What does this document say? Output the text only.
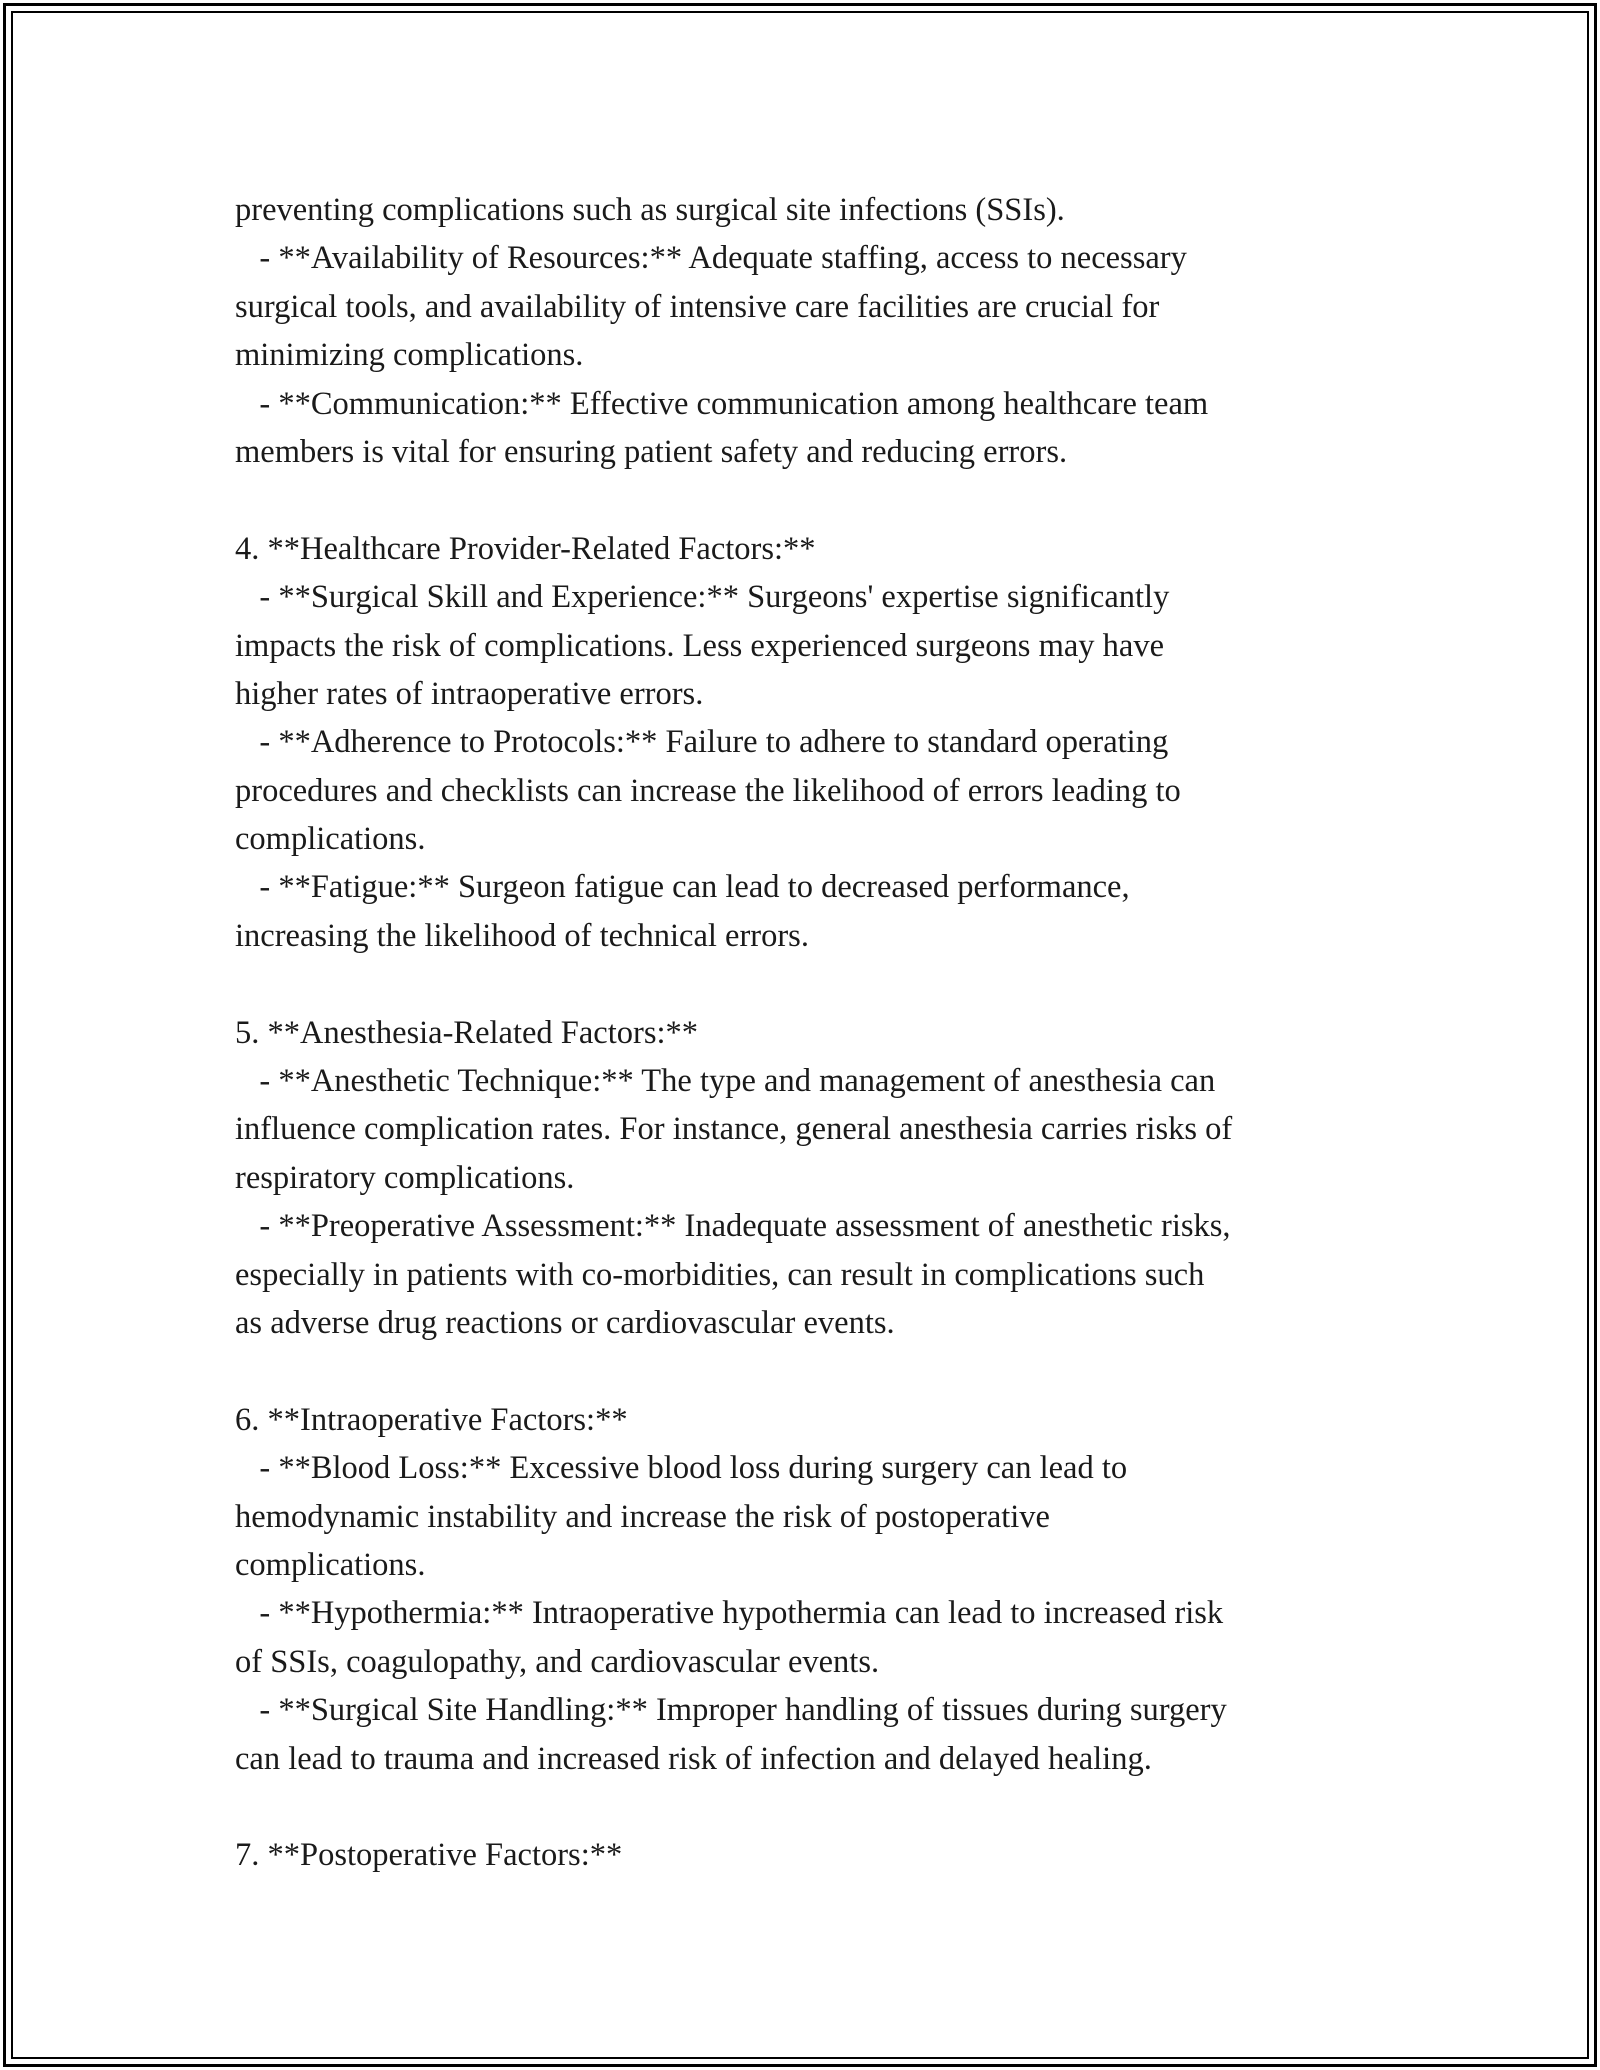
preventing complications such as surgical site infections (SSIs).
- **Availability of Resources:** Adequate staffing, access to necessary
surgical tools, and availability of intensive care facilities are crucial for
minimizing complications.
- **Communication:** Effective communication among healthcare team
members is vital for ensuring patient safety and reducing errors.
4. **Healthcare Provider-Related Factors:**
- **Surgical Skill and Experience:** Surgeons' expertise significantly
impacts the risk of complications. Less experienced surgeons may have
higher rates of intraoperative errors.
- **Adherence to Protocols:** Failure to adhere to standard operating
procedures and checklists can increase the likelihood of errors leading to
complications.
- **Fatigue:** Surgeon fatigue can lead to decreased performance,
increasing the likelihood of technical errors.
5. **Anesthesia-Related Factors:**
- **Anesthetic Technique:** The type and management of anesthesia can
influence complication rates. For instance, general anesthesia carries risks of
respiratory complications.
- **Preoperative Assessment:** Inadequate assessment of anesthetic risks,
especially in patients with co-morbidities, can result in complications such
as adverse drug reactions or cardiovascular events.
6. **Intraoperative Factors:**
- **Blood Loss:** Excessive blood loss during surgery can lead to
hemodynamic instability and increase the risk of postoperative
complications.
- **Hypothermia:** Intraoperative hypothermia can lead to increased risk
of SSIs, coagulopathy, and cardiovascular events.
- **Surgical Site Handling:** Improper handling of tissues during surgery
can lead to trauma and increased risk of infection and delayed healing.
7. **Postoperative Factors:**
